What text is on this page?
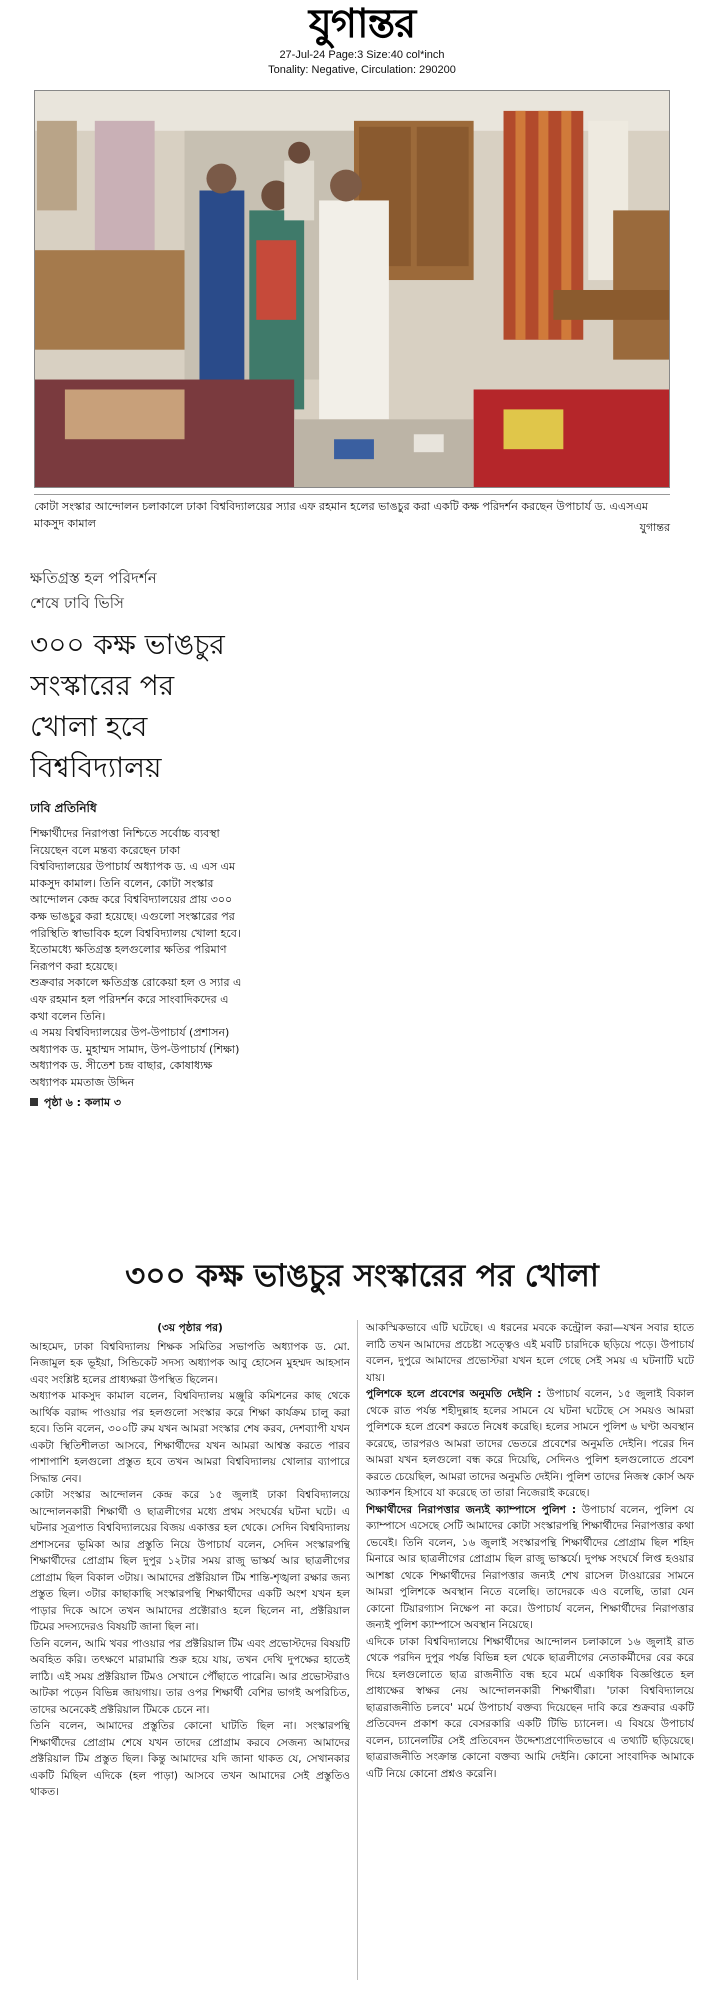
যুগান্তর
27-Jul-24 Page:3 Size:40 col*inch
Tonality: Negative, Circulation: 290200
কোটা সংস্কার আন্দোলন চলাকালে ঢাকা বিশ্ববিদ্যালয়ের স্যার এফ রহমান হলের ভাঙচুর করা একটি কক্ষ পরিদর্শন করছেন উপাচার্য ড. এএসএম মাকসুদ কামাল	যুগান্তর
ক্ষতিগ্রস্ত হল পরিদর্শন
শেষে ঢাবি ভিসি
৩০০ কক্ষ ভাঙচুর সংস্কারের পর খোলা হবে বিশ্ববিদ্যালয়
ঢাবি প্রতিনিধি

শিক্ষার্থীদের নিরাপত্তা নিশ্চিতে সর্বোচ্চ ব্যবস্থা নিয়েছেন বলে মন্তব্য করেছেন ঢাকা বিশ্ববিদ্যালয়ের উপাচার্য অধ্যাপক ড. এ এস এম মাকসুদ কামাল। তিনি বলেন, কোটা সংস্কার আন্দোলন কেন্দ্র করে বিশ্ববিদ্যালয়ের প্রায় ৩০০ কক্ষ ভাঙচুর করা হয়েছে। এগুলো সংস্কারের পর পরিস্থিতি স্বাভাবিক হলে বিশ্ববিদ্যালয় খোলা হবে। ইতোমধ্যে ক্ষতিগ্রস্ত হলগুলোর ক্ষতির পরিমাণ নিরূপণ করা হয়েছে।

শুক্রবার সকালে ক্ষতিগ্রস্ত রোকেয়া হল ও স্যার এ এফ রহমান হল পরিদর্শন করে সাংবাদিকদের এ কথা বলেন তিনি।

এ সময় বিশ্ববিদ্যালয়ের উপ-উপাচার্য (প্রশাসন) অধ্যাপক ড. মুহাম্মদ সামাদ, উপ-উপাচার্য (শিক্ষা) অধ্যাপক ড. সীতেশ চন্দ্র বাছার, কোষাধ্যক্ষ অধ্যাপক মমতাজ উদ্দিন

পৃষ্ঠা ৬ : কলাম ৩
৩০০ কক্ষ ভাঙচুর সংস্কারের পর খোলা
(৩য় পৃষ্ঠার পর)

আহমেদ, ঢাকা বিশ্ববিদ্যালয় শিক্ষক সমিতির সভাপতি অধ্যাপক ড. মো. নিজামুল হক ভূইয়া, সিন্ডিকেট সদস্য অধ্যাপক আবু হোসেন মুহম্মদ আহসান এবং সংশ্লিষ্ট হলের প্রাধ্যক্ষরা উপস্থিত ছিলেন।

অধ্যাপক মাকসুদ কামাল বলেন, বিশ্ববিদ্যালয় মঞ্জুরি কমিশনের কাছ থেকে আর্থিক বরাদ্দ পাওয়ার পর হলগুলো সংস্কার করে শিক্ষা কার্যক্রম চালু করা হবে। তিনি বলেন, ৩০০টি রুম যখন আমরা সংস্কার শেষ করব, দেশব্যাপী যখন একটা স্থিতিশীলতা আসবে, শিক্ষার্থীদের যখন আমরা আশ্বস্ত করতে পারব পাশাপাশি হলগুলো প্রস্তুত হবে তখন আমরা বিশ্ববিদ্যালয় খোলার ব্যাপারে সিদ্ধান্ত নেব।

কোটা সংস্কার আন্দোলন কেন্দ্র করে ১৫ জুলাই ঢাকা বিশ্ববিদ্যালয়ে আন্দোলনকারী শিক্ষার্থী ও ছাত্রলীগের মধ্যে প্রথম সংঘর্ষের ঘটনা ঘটে। এ ঘটনার সূত্রপাত বিশ্ববিদ্যালয়ের বিজয় একাত্তর হল থেকে। সেদিন বিশ্ববিদ্যালয় প্রশাসনের ভূমিকা আর প্রস্তুতি নিয়ে উপাচার্য বলেন, সেদিন সংস্কারপন্থি শিক্ষার্থীদের প্রোগ্রাম ছিল দুপুর ১২টার সময় রাজু ভাস্কর্য আর ছাত্রলীগের প্রোগ্রাম ছিল বিকাল ৩টায়। আমাদের প্রক্টরিয়াল টিম শান্তি-শৃঙ্খলা রক্ষার জন্য প্রস্তুত ছিল। ৩টার কাছাকাছি সংস্কারপন্থি শিক্ষার্থীদের একটি অংশ যখন হল পাড়ার দিকে আসে তখন আমাদের প্রক্টোরাও হলে ছিলেন না, প্রক্টরিয়াল টিমের সদস্যদেরও বিষয়টি জানা ছিল না।

তিনি বলেন, আমি খবর পাওয়ার পর প্রক্টরিয়াল টিম এবং প্রভোস্টদের বিষয়টি অবহিত করি। তৎক্ষণে মারামারি শুরু হয়ে যায়, তখন দেখি দুপক্ষের হাতেই লাঠি। এই সময় প্রক্টরিয়াল টিমও সেখানে পৌঁছাতে পারেনি। আর প্রভোস্টরাও আটকা পড়েন বিভিন্ন জায়গায়। তার ওপর শিক্ষার্থী বেশির ভাগই অপরিচিত, তাদের অনেকেই প্রক্টরিয়াল টিমকে চেনে না।

তিনি বলেন, আমাদের প্রস্তুতির কোনো ঘাটতি ছিল না। সংস্কারপন্থি শিক্ষার্থীদের প্রোগ্রাম শেষে যখন তাদের প্রোগ্রাম করবে সেজন্য আমাদের প্রক্টরিয়াল টিম প্রস্তুত ছিল। কিন্তু আমাদের যদি জানা থাকত যে, সেখানকার একটি মিছিল এদিকে (হল পাড়া) আসবে তখন আমাদের সেই প্রস্তুতিও থাকত।

আকস্মিকভাবে এটি ঘটেছে। এ ধরনের মবকে কন্ট্রোল করা—যখন সবার হাতে লাঠি তখন আমাদের প্রচেষ্টা সত্ত্বেও এই মবটি চারদিকে ছড়িয়ে পড়ে। উপাচার্য বলেন, দুপুরে আমাদের প্রভোস্টরা যখন হলে গেছে সেই সময় এ ঘটনাটি ঘটে যায়।

পুলিশকে হলে প্রবেশের অনুমতি দেইনি : উপাচার্য বলেন, ১৫ জুলাই বিকাল থেকে রাত পর্যন্ত শহীদুল্লাহ হলের সামনে যে ঘটনা ঘটেছে সে সময়ও আমরা পুলিশকে হলে প্রবেশ করতে নিষেধ করেছি। হলের সামনে পুলিশ ৬ ঘণ্টা অবস্থান করেছে, তারপরও আমরা তাদের ভেতরে প্রবেশের অনুমতি দেইনি। পরের দিন আমরা যখন হলগুলো বন্ধ করে দিয়েছি, সেদিনও পুলিশ হলগুলোতে প্রবেশ করতে চেয়েছিল, আমরা তাদের অনুমতি দেইনি। পুলিশ তাদের নিজস্ব কোর্স অফ অ্যাকশন হিসাবে যা করেছে তা তারা নিজেরাই করেছে।

শিক্ষার্থীদের নিরাপত্তার জন্যই ক্যাম্পাসে পুলিশ : উপাচার্য বলেন, পুলিশ যে ক্যাম্পাসে এসেছে সেটি আমাদের কোটা সংস্কারপন্থি শিক্ষার্থীদের নিরাপত্তার কথা ভেবেই। তিনি বলেন, ১৬ জুলাই সংস্কারপন্থি শিক্ষার্থীদের প্রোগ্রাম ছিল শহিদ মিনারে আর ছাত্রলীগের প্রোগ্রাম ছিল রাজু ভাস্কর্যে। দুপক্ষ সংঘর্ষে লিপ্ত হওয়ার আশঙ্কা থেকে শিক্ষার্থীদের নিরাপত্তার জন্যই শেখ রাসেল টাওয়ারের সামনে আমরা পুলিশকে অবস্থান নিতে বলেছি। তাদেরকে এও বলেছি, তারা যেন কোনো টিয়ারগ্যাস নিক্ষেপ না করে। উপাচার্য বলেন, শিক্ষার্থীদের নিরাপত্তার জন্যই পুলিশ ক্যাম্পাসে অবস্থান নিয়েছে।

এদিকে ঢাকা বিশ্ববিদ্যালয়ে শিক্ষার্থীদের আন্দোলন চলাকালে ১৬ জুলাই রাত থেকে পরদিন দুপুর পর্যন্ত বিভিন্ন হল থেকে ছাত্রলীগের নেতাকর্মীদের বের করে দিয়ে হলগুলোতে ছাত্র রাজনীতি বন্ধ হবে মর্মে একাধিক বিজ্ঞপ্তিতে হল প্রাধ্যক্ষের স্বাক্ষর নেয় আন্দোলনকারী শিক্ষার্থীরা। 'ঢাকা বিশ্ববিদ্যালয়ে ছাত্ররাজনীতি চলবে' মর্মে উপাচার্য বক্তব্য দিয়েছেন দাবি করে শুক্রবার একটি প্রতিবেদন প্রকাশ করে বেসরকারি একটি টিভি চ্যানেল। এ বিষয়ে উপাচার্য বলেন, চ্যানেলটির সেই প্রতিবেদন উদ্দেশ্যপ্রণোদিতভাবে এ তথ্যটি ছড়িয়েছে। ছাত্ররাজনীতি সংক্রান্ত কোনো বক্তব্য আমি দেইনি। কোনো সাংবাদিক আমাকে এটি নিয়ে কোনো প্রশ্নও করেনি।
